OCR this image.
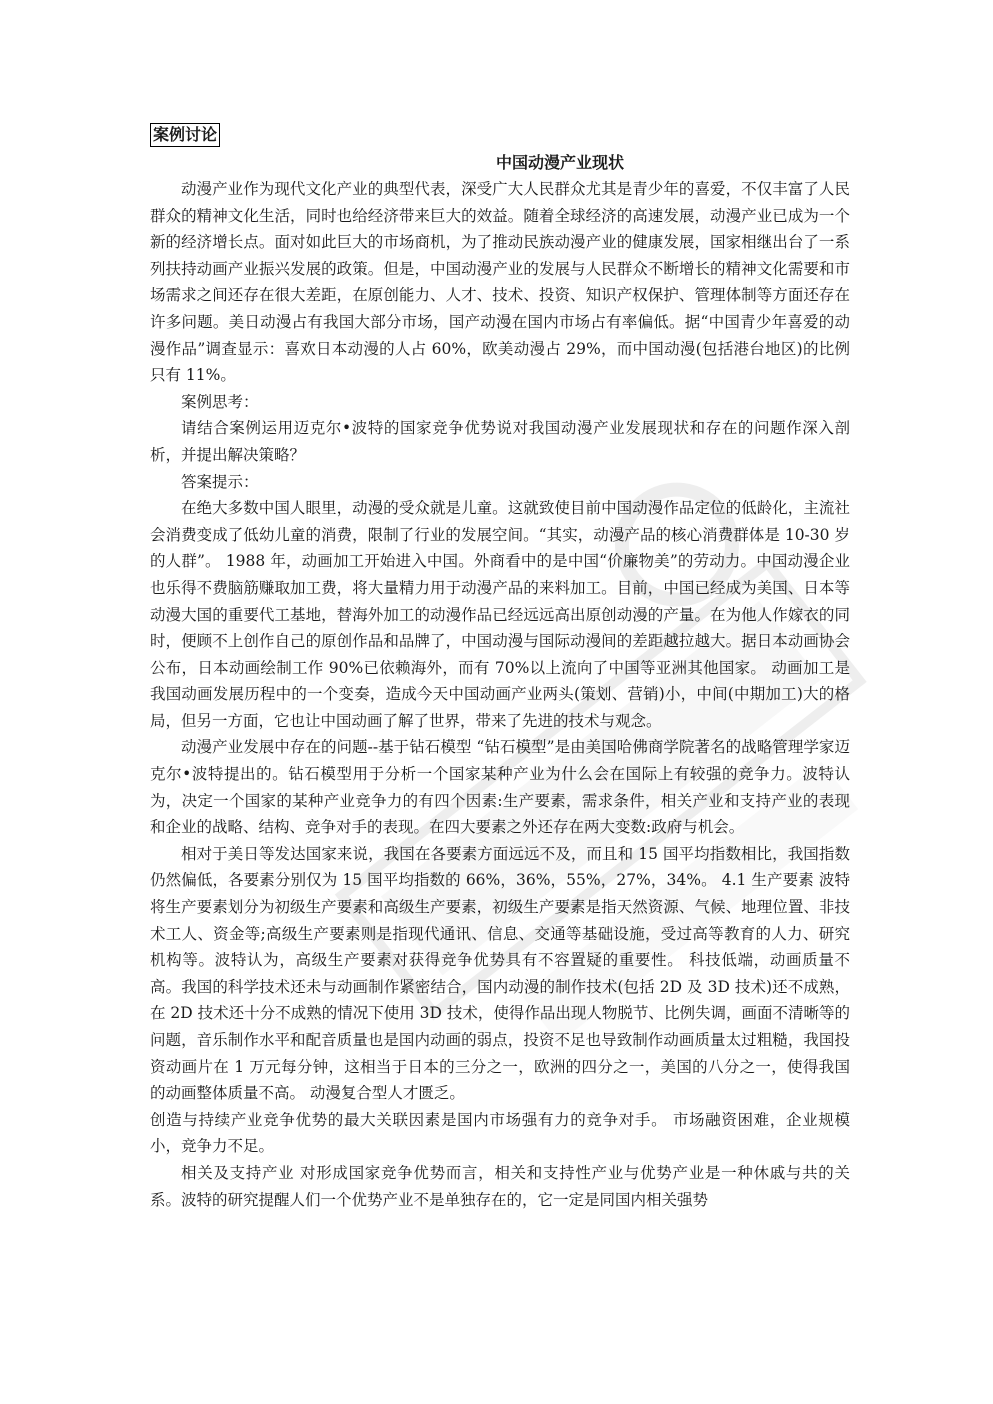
案例讨论
中国动漫产业现状

动漫产业作为现代文化产业的典型代表，深受广大人民群众尤其是青少年的喜爱，不仅丰富了人民群众的精神文化生活，同时也给经济带来巨大的效益。随着全球经济的高速发展，动漫产业已成为一个新的经济增长点。面对如此巨大的市场商机，为了推动民族动漫产业的健康发展，国家相继出台了一系列扶持动画产业振兴发展的政策。但是，中国动漫产业的发展与人民群众不断增长的精神文化需要和市场需求之间还存在很大差距，在原创能力、人才、技术、投资、知识产权保护、管理体制等方面还存在许多问题。美日动漫占有我国大部分市场，国产动漫在国内市场占有率偏低。据“中国青少年喜爱的动漫作品”调查显示：喜欢日本动漫的人占 60%，欧美动漫占 29%，而中国动漫(包括港台地区)的比例只有 11%。

案例思考：

请结合案例运用迈克尔•波特的国家竞争优势说对我国动漫产业发展现状和存在的问题作深入剖析，并提出解决策略？

答案提示：

在绝大多数中国人眼里，动漫的受众就是儿童。这就致使目前中国动漫作品定位的低龄化，主流社会消费变成了低幼儿童的消费，限制了行业的发展空间。“其实，动漫产品的核心消费群体是 10-30 岁的人群”。 1988 年，动画加工开始进入中国。外商看中的是中国“价廉物美”的劳动力。中国动漫企业也乐得不费脑筋赚取加工费，将大量精力用于动漫产品的来料加工。目前，中国已经成为美国、日本等动漫大国的重要代工基地，替海外加工的动漫作品已经远远高出原创动漫的产量。在为他人作嫁衣的同时，便顾不上创作自己的原创作品和品牌了，中国动漫与国际动漫间的差距越拉越大。据日本动画协会公布，日本动画绘制工作 90%已依赖海外，而有 70%以上流向了中国等亚洲其他国家。 动画加工是我国动画发展历程中的一个变奏，造成今天中国动画产业两头(策划、营销)小，中间(中期加工)大的格局，但另一方面，它也让中国动画了解了世界，带来了先进的技术与观念。

动漫产业发展中存在的问题--基于钻石模型 “钻石模型”是由美国哈佛商学院著名的战略管理学家迈克尔•波特提出的。钻石模型用于分析一个国家某种产业为什么会在国际上有较强的竞争力。波特认为，决定一个国家的某种产业竞争力的有四个因素:生产要素，需求条件，相关产业和支持产业的表现和企业的战略、结构、竞争对手的表现。在四大要素之外还存在两大变数:政府与机会。

相对于美日等发达国家来说，我国在各要素方面远远不及，而且和 15 国平均指数相比，我国指数仍然偏低，各要素分别仅为 15 国平均指数的 66%，36%，55%，27%，34%。 4.1 生产要素 波特将生产要素划分为初级生产要素和高级生产要素，初级生产要素是指天然资源、气候、地理位置、非技术工人、资金等;高级生产要素则是指现代通讯、信息、交通等基础设施，受过高等教育的人力、研究机构等。波特认为，高级生产要素对获得竞争优势具有不容置疑的重要性。 科技低端，动画质量不高。我国的科学技术还未与动画制作紧密结合，国内动漫的制作技术(包括 2D 及 3D 技术)还不成熟，在 2D 技术还十分不成熟的情况下使用 3D 技术，使得作品出现人物脱节、比例失调，画面不清晰等的问题，音乐制作水平和配音质量也是国内动画的弱点，投资不足也导致制作动画质量太过粗糙，我国投资动画片在 1 万元每分钟，这相当于日本的三分之一，欧洲的四分之一，美国的八分之一，使得我国的动画整体质量不高。 动漫复合型人才匮乏。

创造与持续产业竞争优势的最大关联因素是国内市场强有力的竞争对手。 市场融资困难，企业规模小，竞争力不足。

相关及支持产业 对形成国家竞争优势而言，相关和支持性产业与优势产业是一种休戚与共的关系。波特的研究提醒人们一个优势产业不是单独存在的，它一定是同国内相关强势
